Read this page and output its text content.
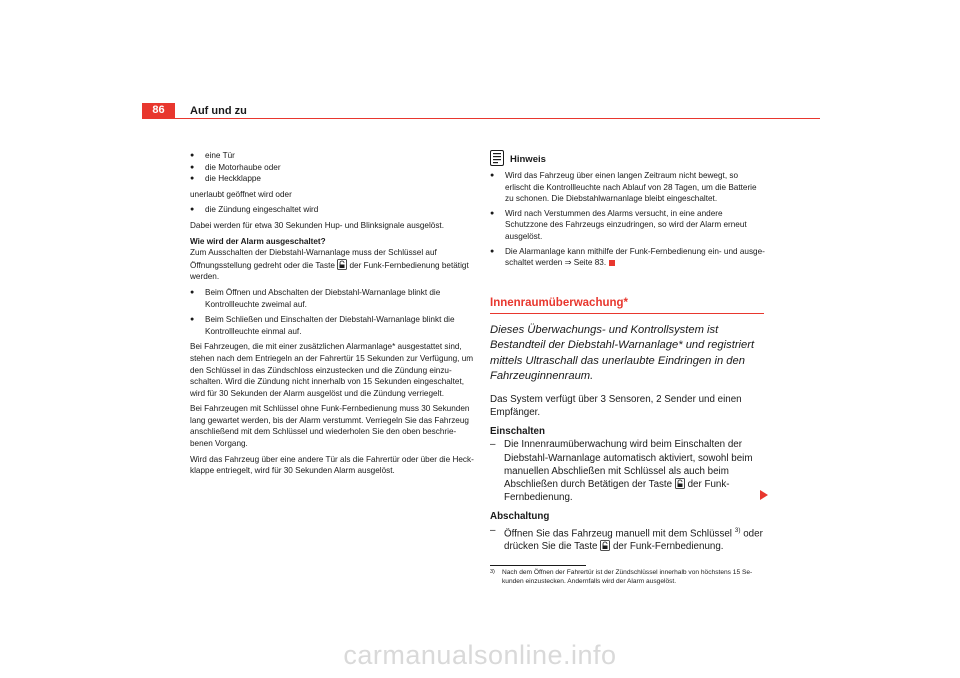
86	Auf und zu
● eine Tür
● die Motorhaube oder
● die Heckklappe

unerlaubt geöffnet wird oder

● die Zündung eingeschaltet wird

Dabei werden für etwa 30 Sekunden Hup- und Blinksignale ausgelöst.

Wie wird der Alarm ausgeschaltet?

Zum Ausschalten der Diebstahl-Warnanlage muss der Schlüssel auf Öffnungsstellung gedreht oder die Taste der Funk-Fernbedienung betätigt werden.

● Beim Öffnen und Abschalten der Diebstahl-Warnanlage blinkt die Kontrollleuchte zweimal auf.
● Beim Schließen und Einschalten der Diebstahl-Warnanlage blinkt die Kontrollleuchte einmal auf.

Bei Fahrzeugen, die mit einer zusätzlichen Alarmanlage* ausgestattet sind, stehen nach dem Entriegeln an der Fahrertür 15 Sekunden zur Verfügung, um den Schlüssel in das Zündschloss einzustecken und die Zündung einzuschalten. Wird die Zündung nicht innerhalb von 15 Sekunden eingeschaltet, wird für 30 Sekunden der Alarm ausgelöst und die Zündung verriegelt.

Bei Fahrzeugen mit Schlüssel ohne Funk-Fernbedienung muss 30 Sekunden lang gewartet werden, bis der Alarm verstummt. Verriegeln Sie das Fahrzeug anschließend mit dem Schlüssel und wiederholen Sie den oben beschriebenen Vorgang.

Wird das Fahrzeug über eine andere Tür als die Fahrertür oder über die Heckklappe entriegelt, wird für 30 Sekunden Alarm ausgelöst.

Hinweis
● Wird das Fahrzeug über einen langen Zeitraum nicht bewegt, so erlischt die Kontrollleuchte nach Ablauf von 28 Tagen, um die Batterie zu schonen. Die Diebstahlwarnanlage bleibt eingeschaltet.
● Wird nach Verstummen des Alarms versucht, in eine andere Schutzzone des Fahrzeugs einzudringen, so wird der Alarm erneut ausgelöst.
● Die Alarmanlage kann mithilfe der Funk-Fernbedienung ein- und ausgeschaltet werden ⇒ Seite 83.
Innenraumüberwachung*
Dieses Überwachungs- und Kontrollsystem ist Bestandteil der Diebstahl-Warnanlage* und registriert mittels Ultraschall das unerlaubte Eindringen in den Fahrzeuginnenraum.

Das System verfügt über 3 Sensoren, 2 Sender und einen Empfänger.

Einschalten
– Die Innenraumüberwachung wird beim Einschalten der Diebstahl-Warnanlage automatisch aktiviert, sowohl beim manuellen Abschließen mit Schlüssel als auch beim Abschließen durch Betätigen der Taste der Funk-Fernbedienung.
Abschaltung
– Öffnen Sie das Fahrzeug manuell mit dem Schlüssel $^{3)}$ oder drücken Sie die Taste der Funk-Fernbedienung.
3) Nach dem Öffnen der Fahrertür ist der Zündschlüssel innerhalb von höchstens 15 Sekunden einzustecken. Andernfalls wird der Alarm ausgelöst.
carmanualsonline.info
